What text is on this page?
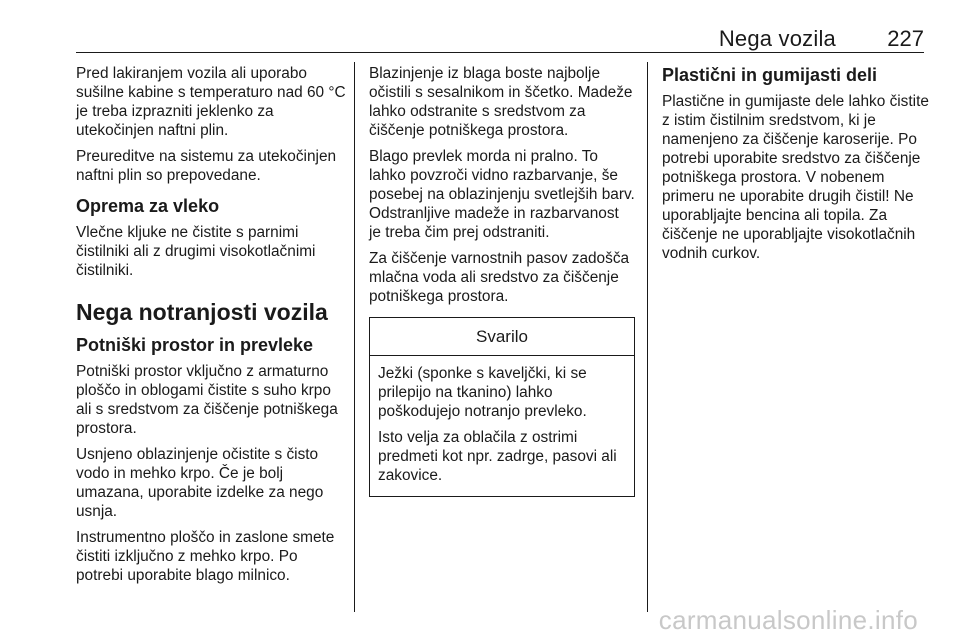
Nega vozila 227

Pred lakiranjem vozila ali uporabo sušilne kabine s temperaturo nad 60 °C je treba izprazniti jeklenko za utekočinjen naftni plin.

Preureditve na sistemu za utekočinjen naftni plin so prepovedane.

Oprema za vleko

Vlečne kljuke ne čistite s parnimi čistilniki ali z drugimi visokotlačnimi čistilniki.

Nega notranjosti vozila
Potniški prostor in prevleke

Potniški prostor vključno z armaturno ploščo in oblogami čistite s suho krpo ali s sredstvom za čiščenje potniškega prostora.

Usnjeno oblazinjenje očistite s čisto vodo in mehko krpo. Če je bolj umazana, uporabite izdelke za nego usnja.

Instrumentno ploščo in zaslone smete čistiti izključno z mehko krpo. Po potrebi uporabite blago milnico.

Blazinjenje iz blaga boste najbolje očistili s sesalnikom in ščetko. Madeže lahko odstranite s sredstvom za čiščenje potniškega prostora.

Blago prevlek morda ni pralno. To lahko povzroči vidno razbarvanje, še posebej na oblazinjenju svetlejših barv. Odstranljive madeže in razbarvanost je treba čim prej odstraniti.

Za čiščenje varnostnih pasov zadošča mlačna voda ali sredstvo za čiščenje potniškega prostora.

Svarilo

Ježki (sponke s kaveljčki, ki se prilepijo na tkanino) lahko poškodujejo notranjo prevleko.

Isto velja za oblačila z ostrimi predmeti kot npr. zadrge, pasovi ali zakovice.

Plastični in gumijasti deli

Plastične in gumijaste dele lahko čistite z istim čistilnim sredstvom, ki je namenjeno za čiščenje karoserije. Po potrebi uporabite sredstvo za čiščenje potniškega prostora. V nobenem primeru ne uporabite drugih čistil! Ne uporabljajte bencina ali topila. Za čiščenje ne uporabljajte visokotlačnih vodnih curkov.

carmanualsonline.info
